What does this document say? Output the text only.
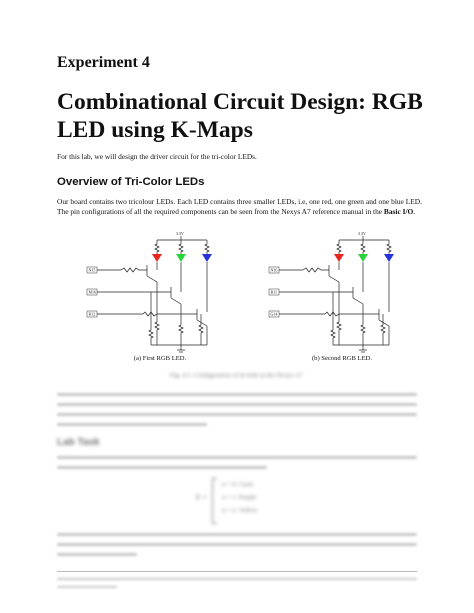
Experiment 4
Combinational Circuit Design: RGB LED using K-Maps
For this lab, we will design the driver circuit for the tri-color LEDs.
Overview of Tri-Color LEDs
Our board contains two tricolour LEDs. Each LED contains three smaller LEDs, i.e, one red, one green and one blue LED. The pin configurations of all the required components can be seen from the Nexys A7 reference manual in the Basic I/O.
3.3V
N15
M16
R12
(a) First RGB LED.
3.3V
N16
R11
G14
(b) Second RGB LED.
Fig. 4.1: Configuration of tri-leds in the Nexys A7
Lab Task
F =
n = 0: Cyan
n = 1: Purple
n = 2: Yellow
